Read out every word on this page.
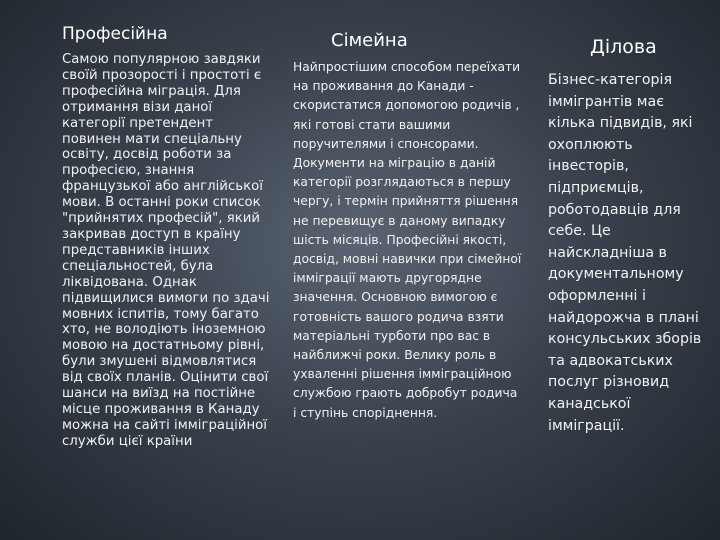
Професійна
Самою популярною завдяки своїй прозорості і простоті є професійна міграція. Для отримання візи даної категорії претендент повинен мати спеціальну освіту, досвід роботи за професією, знання французької або англійської мови. В останні роки список "прийнятих професій", який закривав доступ в країну представників інших спеціальностей, була ліквідована. Однак підвищилися вимоги по здачі мовних іспитів, тому багато хто, не володіють іноземною мовою на достатньому рівні, були змушені відмовлятися від своїх планів. Оцінити свої шанси на виїзд на постійне місце проживання в Канаду можна на сайті імміграційної служби цієї країни
Сімейна
Найпростішим способом переїхати на проживання до Канади - скористатися допомогою родичів , які готові стати вашими поручителями і спонсорами. Документи на міграцію в даній категорії розглядаються в першу чергу, і термін прийняття рішення не перевищує в даному випадку шість місяців. Професійні якості, досвід, мовні навички при сімейної імміграції мають другорядне значення. Основною вимогою є готовність вашого родича взяти матеріальні турботи про вас в найближчі роки. Велику роль в ухваленні рішення імміграційною службою грають добробут родича і ступінь споріднення.
Ділова
Бізнес-категорія іммігрантів має кілька підвидів, які охоплюють інвесторів, підприємців, роботодавців для себе. Це найскладніша в документальному оформленні і найдорожча в плані консульських зборів та адвокатських послуг різновид канадської імміграції.
